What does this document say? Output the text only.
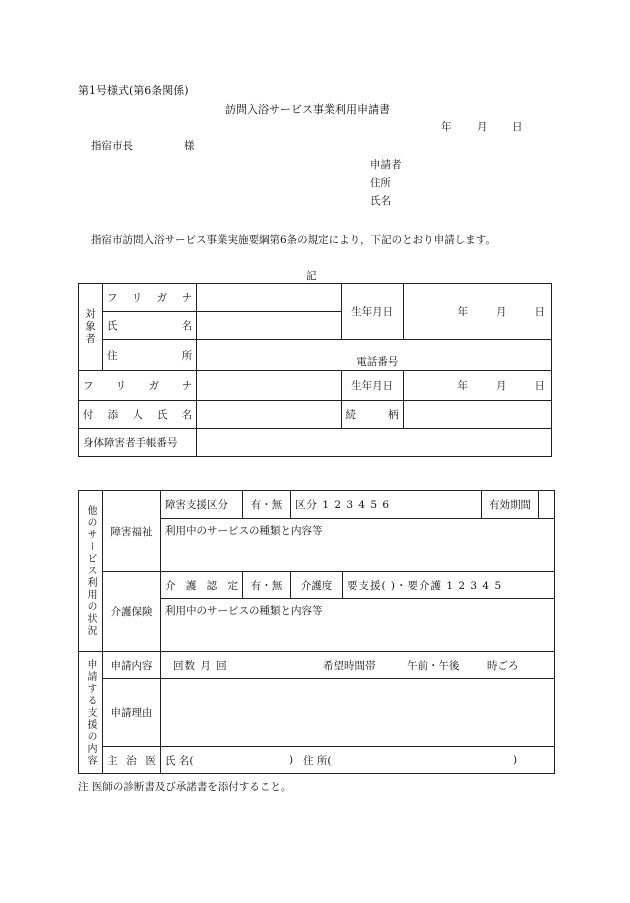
第1号様式(第6条関係)
訪問入浴サービス事業利用申請書
年 月 日
指宿市長	様
申請者
住所
氏名
指宿市訪問入浴サービス事業実施要綱第6条の規定により，下記のとおり申請します。
記
対象者	フリガナ		生年月日	年 月 日

	氏名			
	住所	電話番号		
フリガナ			生年月日	年 月 日

付添人氏名			続柄	
身体障害者手帳番号				
他のサービス利用の状況	障害福祉	障害支援区分	有・無	区分 1 2 3 4 5 6 有効期間	

		利用中のサービスの種類と内容等			
	介護保険	介護認定	有・無	介護度	要支援( )・要介護 1 2 3 4 5
		利用中のサービスの種類と内容等			
申請する支援の内容	申請内容	回数 月 回 希望時間帯 午前・午後 時ごろ			

	申請理由				
	主治医	氏 名( ) 住 所( )			
注 医師の診断書及び承諾書を添付すること。
